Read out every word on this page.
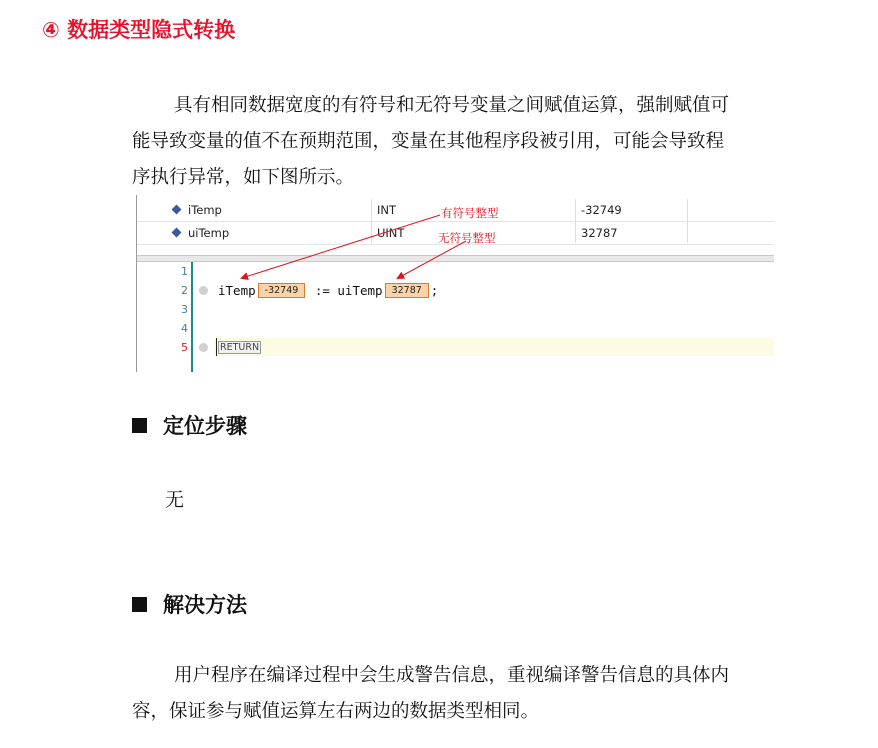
④ 数据类型隐式转换

具有相同数据宽度的有符号和无符号变量之间赋值运算，强制赋值可
能导致变量的值不在预期范围，变量在其他程序段被引用，可能会导致程
序执行异常，如下图所示。

iTemp	INT	-32749
uiTemp	UINT	32787
1
2
3
4
5
iTemp -32749 := uiTemp 32787 ;
RETURN
有符号整型
无符号整型
定位步骤
无
解决方法

用户程序在编译过程中会生成警告信息，重视编译警告信息的具体内
容，保证参与赋值运算左右两边的数据类型相同。
